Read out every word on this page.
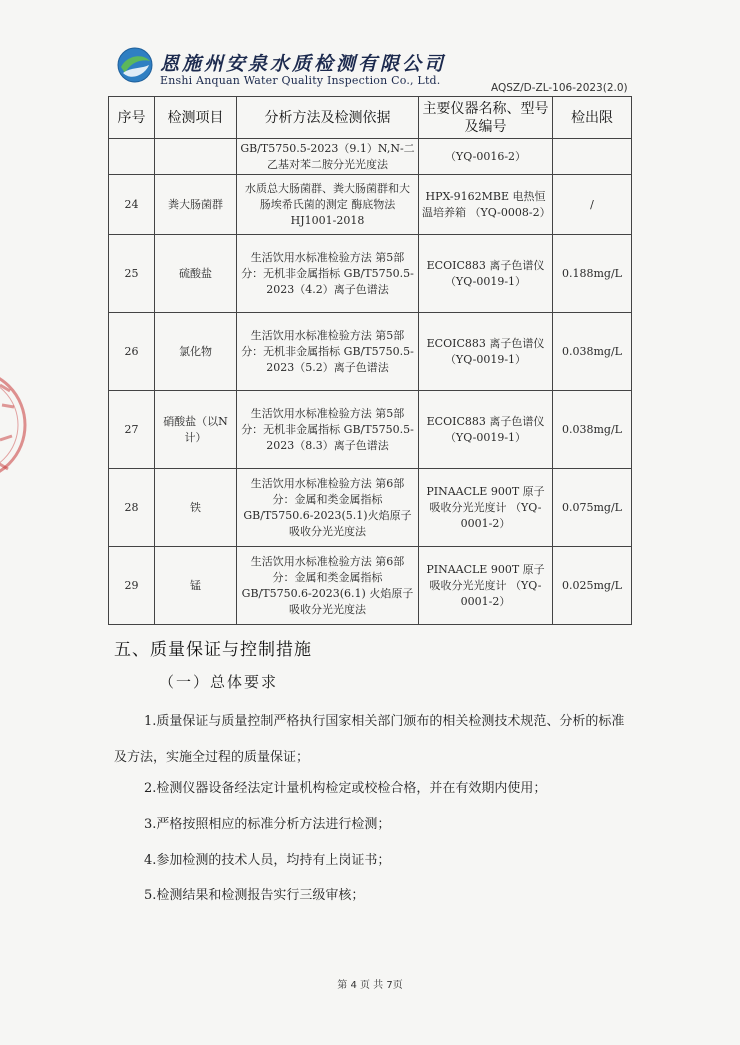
恩施州安泉水质检测有限公司
Enshi Anquan Water Quality Inspection Co., Ltd.
AQSZ/D-ZL-106-2023(2.0)
序号	检测项目	分析方法及检测依据	主要仪器名称、型号及编号	检出限
		GB/T5750.5-2023（9.1）N,N-二乙基对苯二胺分光光度法	（YQ-0016-2）	
24	粪大肠菌群	水质总大肠菌群、粪大肠菌群和大肠埃希氏菌的测定 酶底物法 HJ1001-2018	HPX-9162MBE 电热恒温培养箱 （YQ-0008-2）	/
25	硫酸盐	生活饮用水标准检验方法 第5部分：无机非金属指标 GB/T5750.5-2023（4.2）离子色谱法	ECOIC883 离子色谱仪 （YQ-0019-1）	0.188mg/L
26	氯化物	生活饮用水标准检验方法 第5部分：无机非金属指标 GB/T5750.5-2023（5.2）离子色谱法	ECOIC883 离子色谱仪 （YQ-0019-1）	0.038mg/L
27	硝酸盐（以N计）	生活饮用水标准检验方法 第5部分：无机非金属指标 GB/T5750.5-2023（8.3）离子色谱法	ECOIC883 离子色谱仪 （YQ-0019-1）	0.038mg/L
28	铁	生活饮用水标准检验方法 第6部分：金属和类金属指标 GB/T5750.6-2023(5.1)火焰原子吸收分光光度法	PINAACLE 900T 原子吸收分光光度计 （YQ-0001-2）	0.075mg/L
29	锰	生活饮用水标准检验方法 第6部分：金属和类金属指标 GB/T5750.6-2023(6.1) 火焰原子吸收分光光度法	PINAACLE 900T 原子吸收分光光度计 （YQ-0001-2）	0.025mg/L
五、质量保证与控制措施
（一）总体要求
1.质量保证与质量控制严格执行国家相关部门颁布的相关检测技术规范、分析的标准及方法，实施全过程的质量保证；
2.检测仪器设备经法定计量机构检定或校检合格，并在有效期内使用；
3.严格按照相应的标准分析方法进行检测；
4.参加检测的技术人员，均持有上岗证书；
5.检测结果和检测报告实行三级审核；
第 4 页 共 7页
